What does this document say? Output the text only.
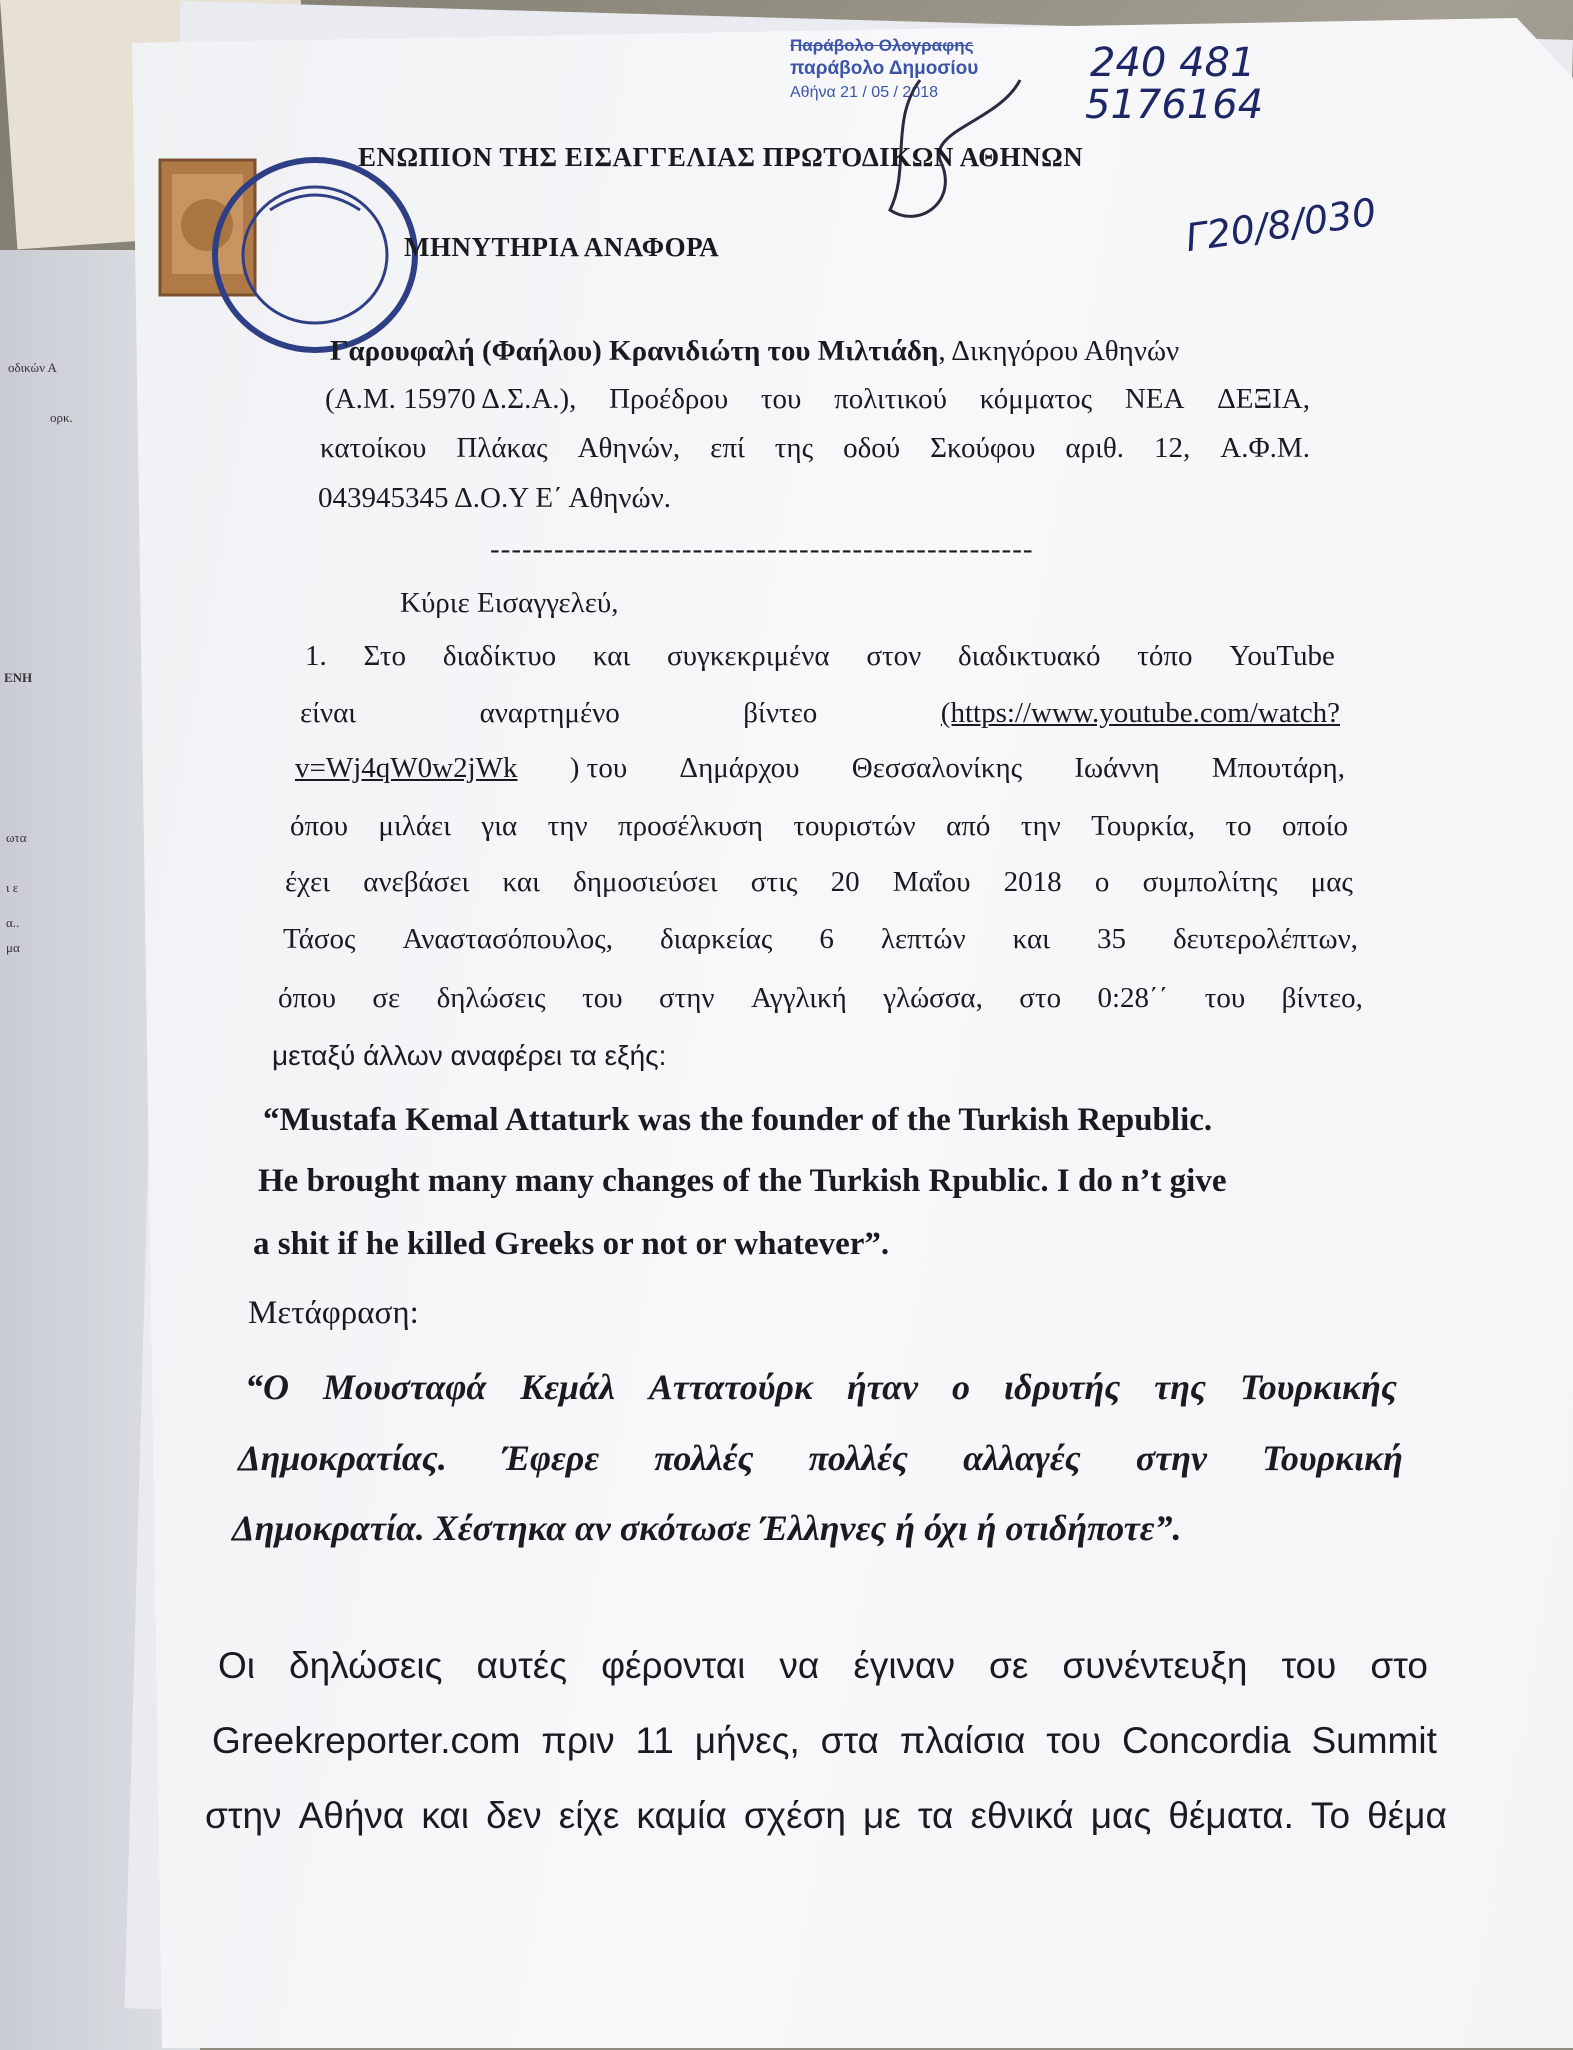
οδικών Α
ορκ.
ΕΝΗ
ωτα
ι ε
α..
μα
Παράβολο Ολογραφης
παράβολο Δημοσίου
Αθήνα 21 / 05 / 2018
240 481
5176164
Γ20/8/030
ΕΝΩΠΙΟΝ ΤΗΣ ΕΙΣΑΓΓΕΛΙΑΣ ΠΡΩΤΟΔΙΚΩΝ ΑΘΗΝΩΝ
ΜΗΝΥΤΗΡΙΑ ΑΝΑΦΟΡΑ
Γαρουφαλή (Φαήλου) Κρανιδιώτη του Μιλτιάδη, Δικηγόρου Αθηνών
(Α.Μ. 15970 Δ.Σ.Α.), Προέδρου του πολιτικού κόμματος ΝΕΑ ΔΕΞΙΑ,
κατοίκου Πλάκας Αθηνών, επί της οδού Σκούφου αριθ. 12, Α.Φ.Μ.
043945345 Δ.Ο.Υ Ε΄ Αθηνών.
---------------------------------------------------
Κύριε Εισαγγελεύ,
1. Στο διαδίκτυο και συγκεκριμένα στον διαδικτυακό τόπο YouTube
είναι	αναρτημένο	βίντεο	(https://www.youtube.com/watch?
v=Wj4qW0w2jWk ) του Δημάρχου Θεσσαλονίκης Ιωάννη Μπουτάρη,
όπου μιλάει για την προσέλκυση τουριστών από την Τουρκία, το οποίο
έχει ανεβάσει και δημοσιεύσει στις 20 Μαΐου 2018 ο συμπολίτης μας
Τάσος Αναστασόπουλος, διαρκείας 6 λεπτών και 35 δευτερολέπτων,
όπου σε δηλώσεις του στην Αγγλική γλώσσα, στο 0:28΄΄ του βίντεο,
μεταξύ άλλων αναφέρει τα εξής:
“Mustafa Kemal Attaturk was the founder of the Turkish Republic.
He brought many many changes of the Turkish Rpublic. I do n’t give
a shit if he killed Greeks or not or whatever”.
Μετάφραση:
“Ο Μουσταφά Κεμάλ Αττατούρκ ήταν ο ιδρυτής της Τουρκικής
Δημοκρατίας. Έφερε πολλές πολλές αλλαγές στην Τουρκική
Δημοκρατία. Χέστηκα αν σκότωσε Έλληνες ή όχι ή οτιδήποτε”.
Οι δηλώσεις αυτές φέρονται να έγιναν σε συνέντευξη του στο
Greekreporter.com πριν 11 μήνες, στα πλαίσια του Concordia Summit
στην Αθήνα και δεν είχε καμία σχέση με τα εθνικά μας θέματα. Το θέμα
